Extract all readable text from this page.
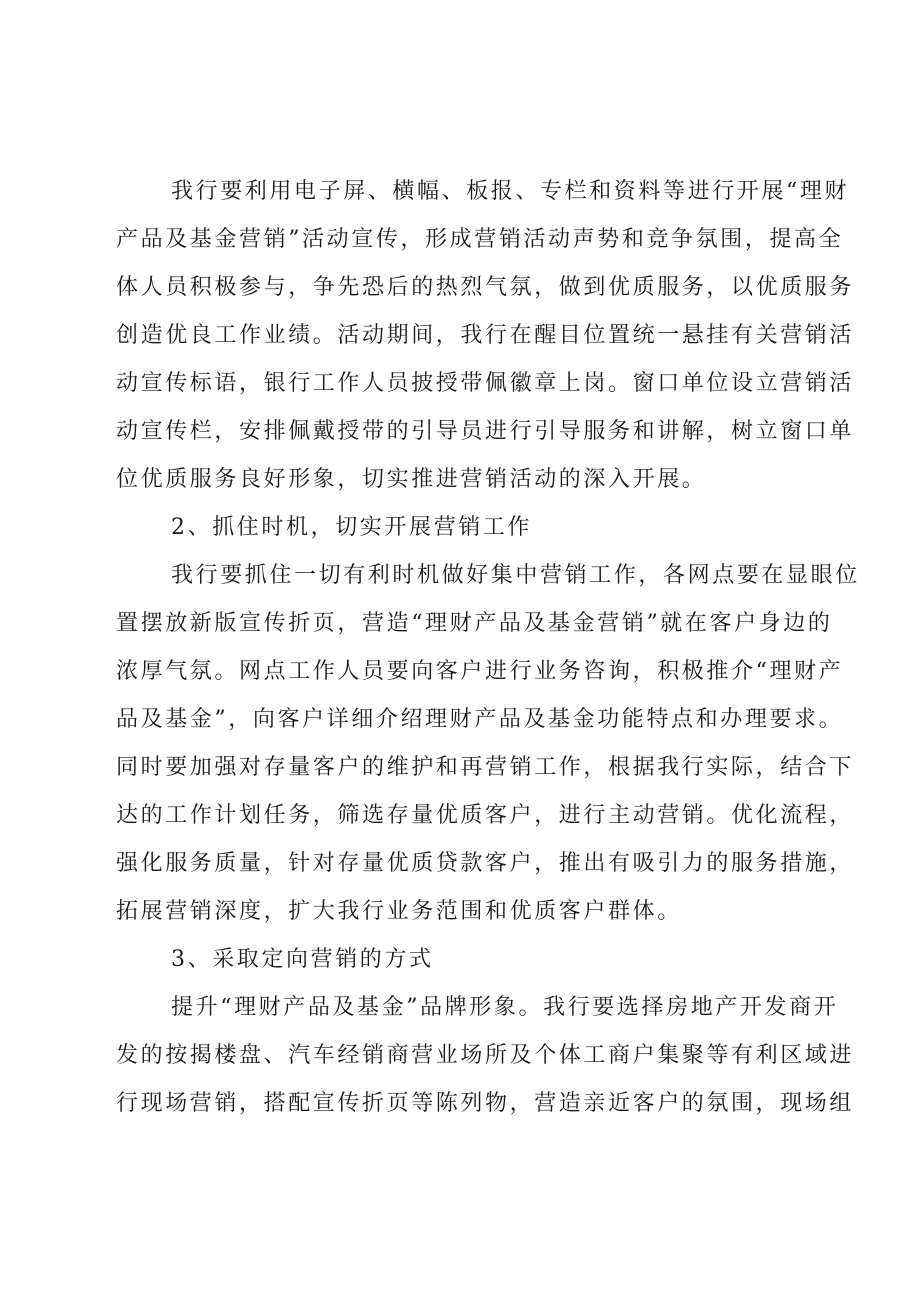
我行要利用电子屏、横幅、板报、专栏和资料等进行开展“理财
产品及基金营销”活动宣传，形成营销活动声势和竞争氛围，提高全
体人员积极参与，争先恐后的热烈气氛，做到优质服务，以优质服务
创造优良工作业绩。活动期间，我行在醒目位置统一悬挂有关营销活
动宣传标语，银行工作人员披授带佩徽章上岗。窗口单位设立营销活
动宣传栏，安排佩戴授带的引导员进行引导服务和讲解，树立窗口单
位优质服务良好形象，切实推进营销活动的深入开展。
2、抓住时机，切实开展营销工作
我行要抓住一切有利时机做好集中营销工作，各网点要在显眼位
置摆放新版宣传折页，营造“理财产品及基金营销”就在客户身边的
浓厚气氛。网点工作人员要向客户进行业务咨询，积极推介“理财产
品及基金”，向客户详细介绍理财产品及基金功能特点和办理要求。
同时要加强对存量客户的维护和再营销工作，根据我行实际，结合下
达的工作计划任务，筛选存量优质客户，进行主动营销。优化流程，
强化服务质量，针对存量优质贷款客户，推出有吸引力的服务措施，
拓展营销深度，扩大我行业务范围和优质客户群体。
3、采取定向营销的方式
提升“理财产品及基金”品牌形象。我行要选择房地产开发商开
发的按揭楼盘、汽车经销商营业场所及个体工商户集聚等有利区域进
行现场营销，搭配宣传折页等陈列物，营造亲近客户的氛围，现场组
